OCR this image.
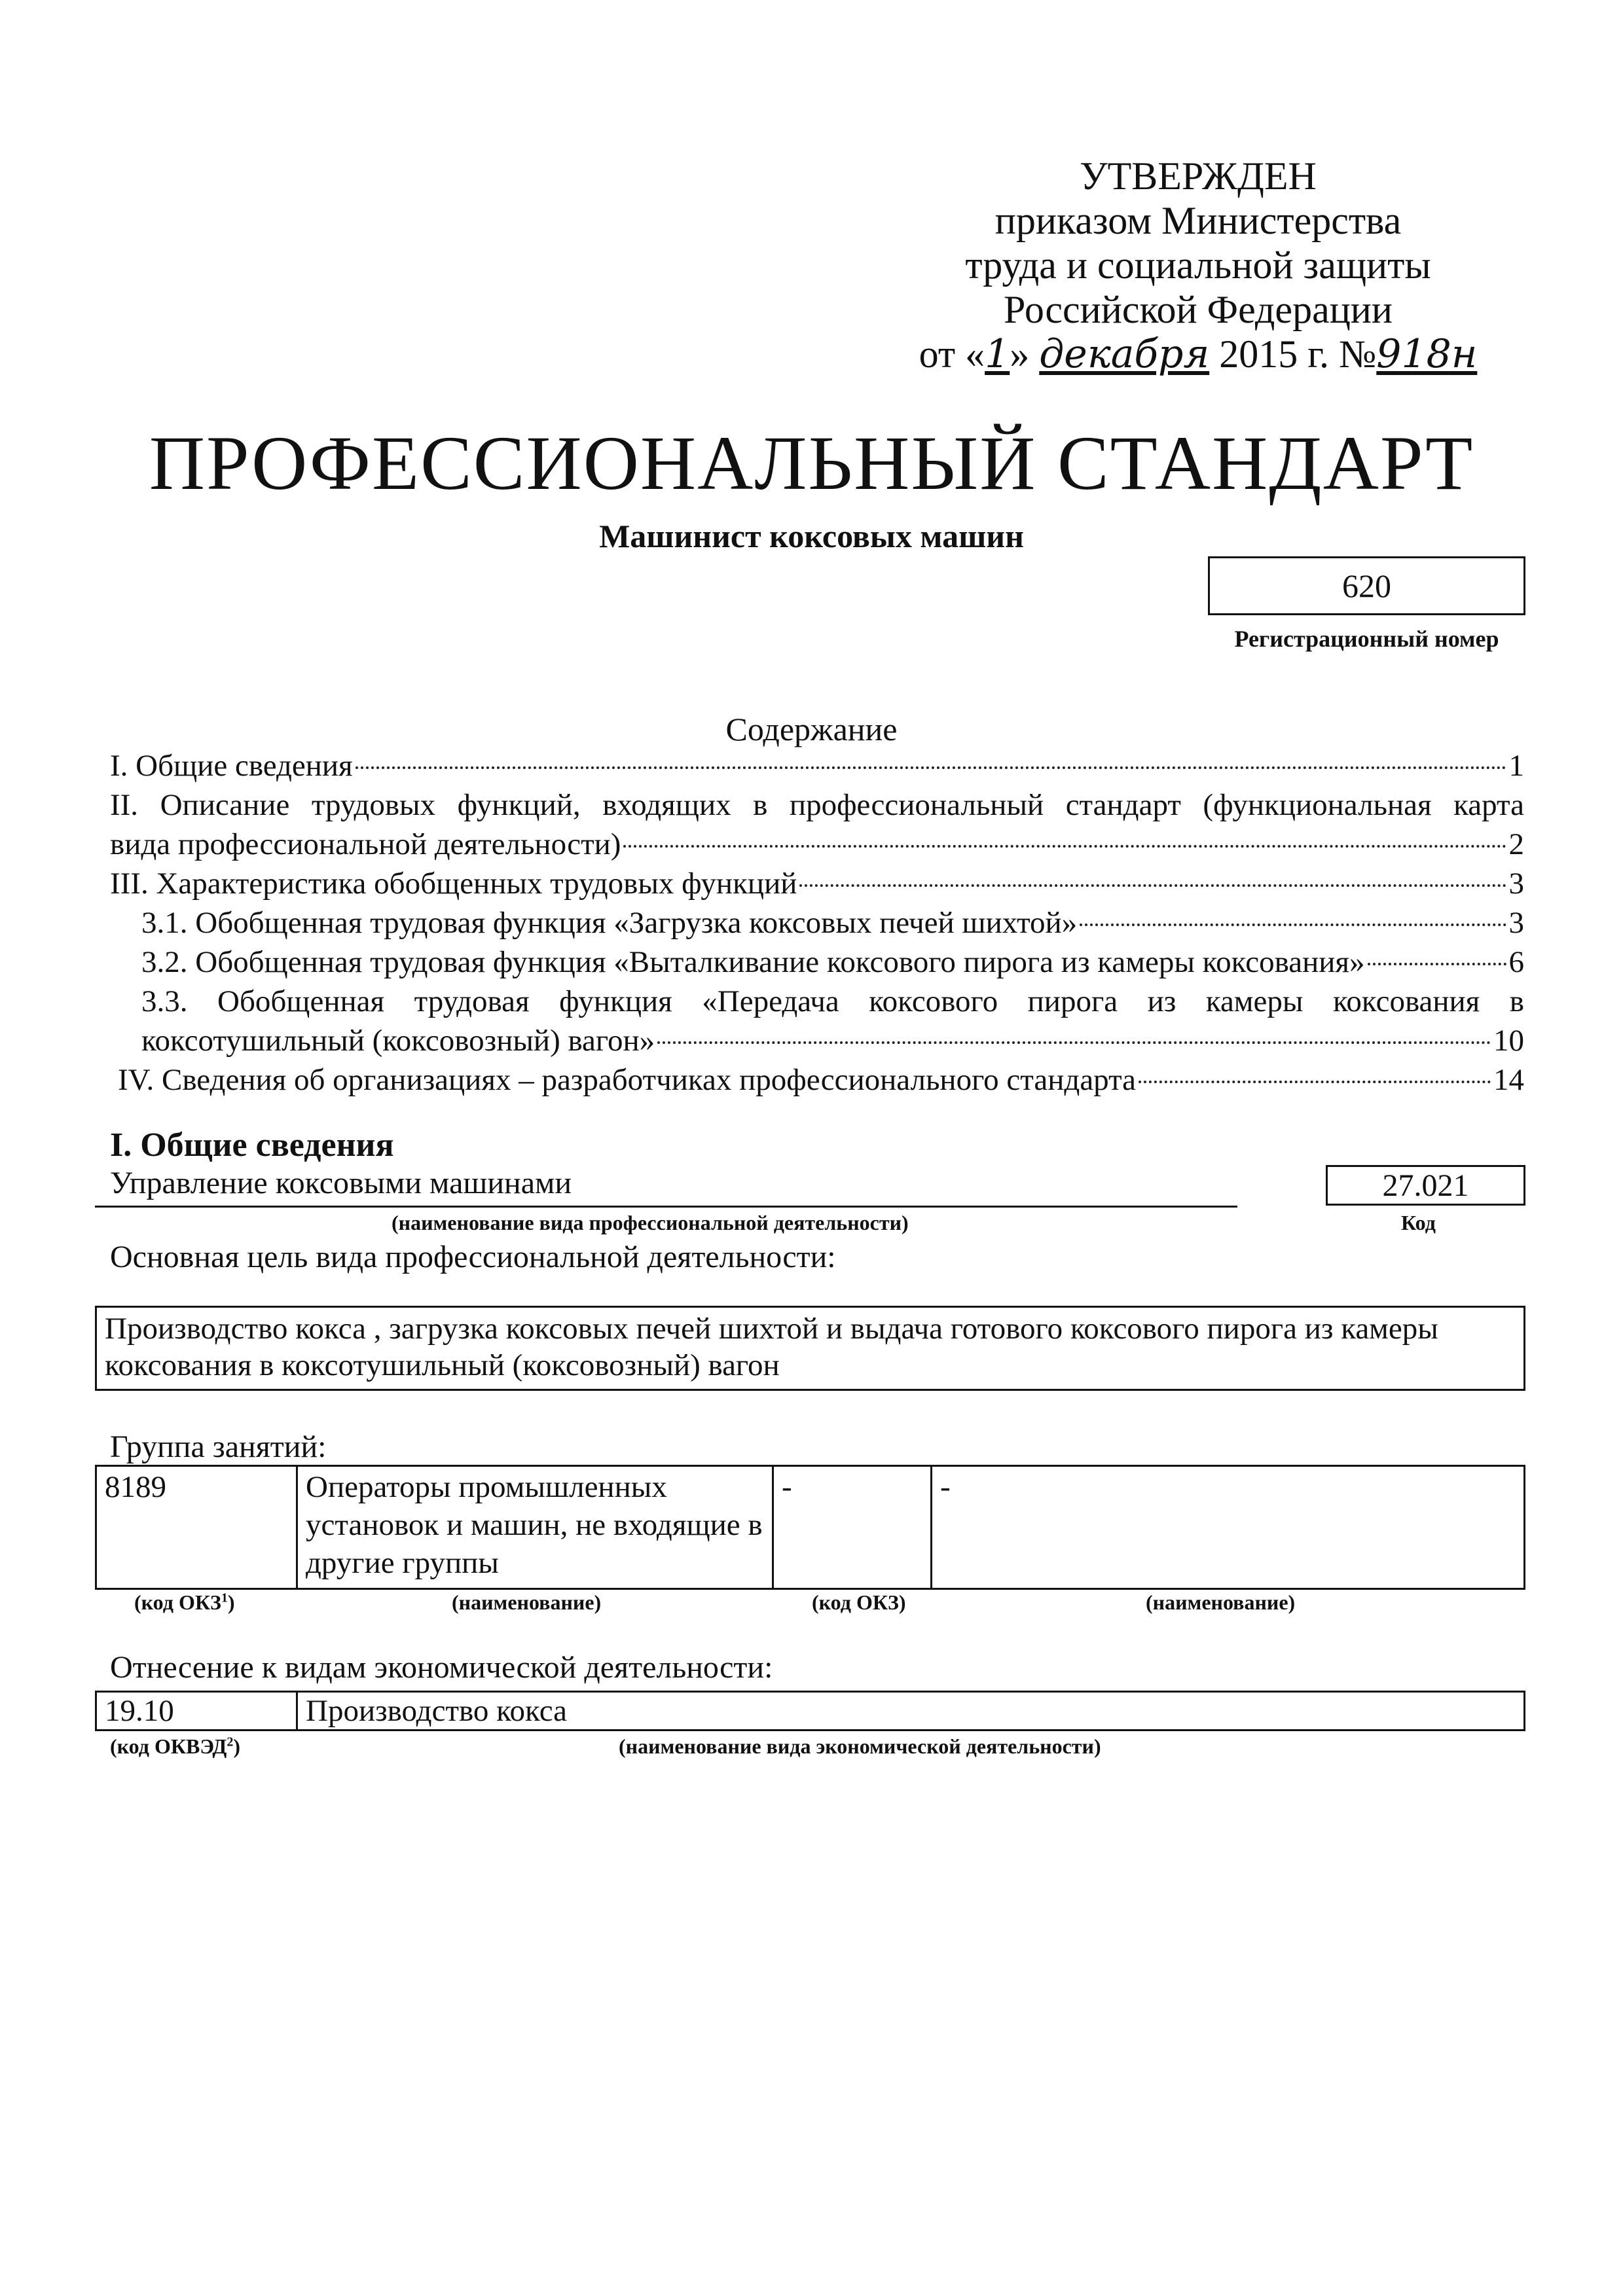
УТВЕРЖДЕН
приказом Министерства
труда и социальной защиты
Российской Федерации
от «1» декабря 2015 г. №918н
ПРОФЕССИОНАЛЬНЫЙ СТАНДАРТ
Машинист коксовых машин
620
Регистрационный номер
Содержание
I. Общие сведения	1
II. Описание трудовых функций, входящих в профессиональный стандарт (функциональная карта
вида профессиональной деятельности)	2
III. Характеристика обобщенных трудовых функций	3
3.1. Обобщенная трудовая функция «Загрузка коксовых печей шихтой»	3
3.2. Обобщенная трудовая функция «Выталкивание коксового пирога из камеры коксования»	6
3.3. Обобщенная трудовая функция «Передача коксового пирога из камеры коксования в
коксотушильный (коксовозный) вагон»	10
IV. Сведения об организациях – разработчиках профессионального стандарта	14
I. Общие сведения
Управление коксовыми машинами	27.021
(наименование вида профессиональной деятельности)	Код
Основная цель вида профессиональной деятельности:
Производство кокса , загрузка коксовых печей шихтой и выдача готового коксового пирога из камеры коксования в коксотушильный (коксовозный) вагон
Группа занятий:
8189	Операторы промышленных установок и машин, не входящие в другие группы	-	-
(код ОКЗ$^1$)	(наименование)	(код ОКЗ)	(наименование)
Отнесение к видам экономической деятельности:
19.10	Производство кокса
(код ОКВЭД$^2$)	(наименование вида экономической деятельности)
